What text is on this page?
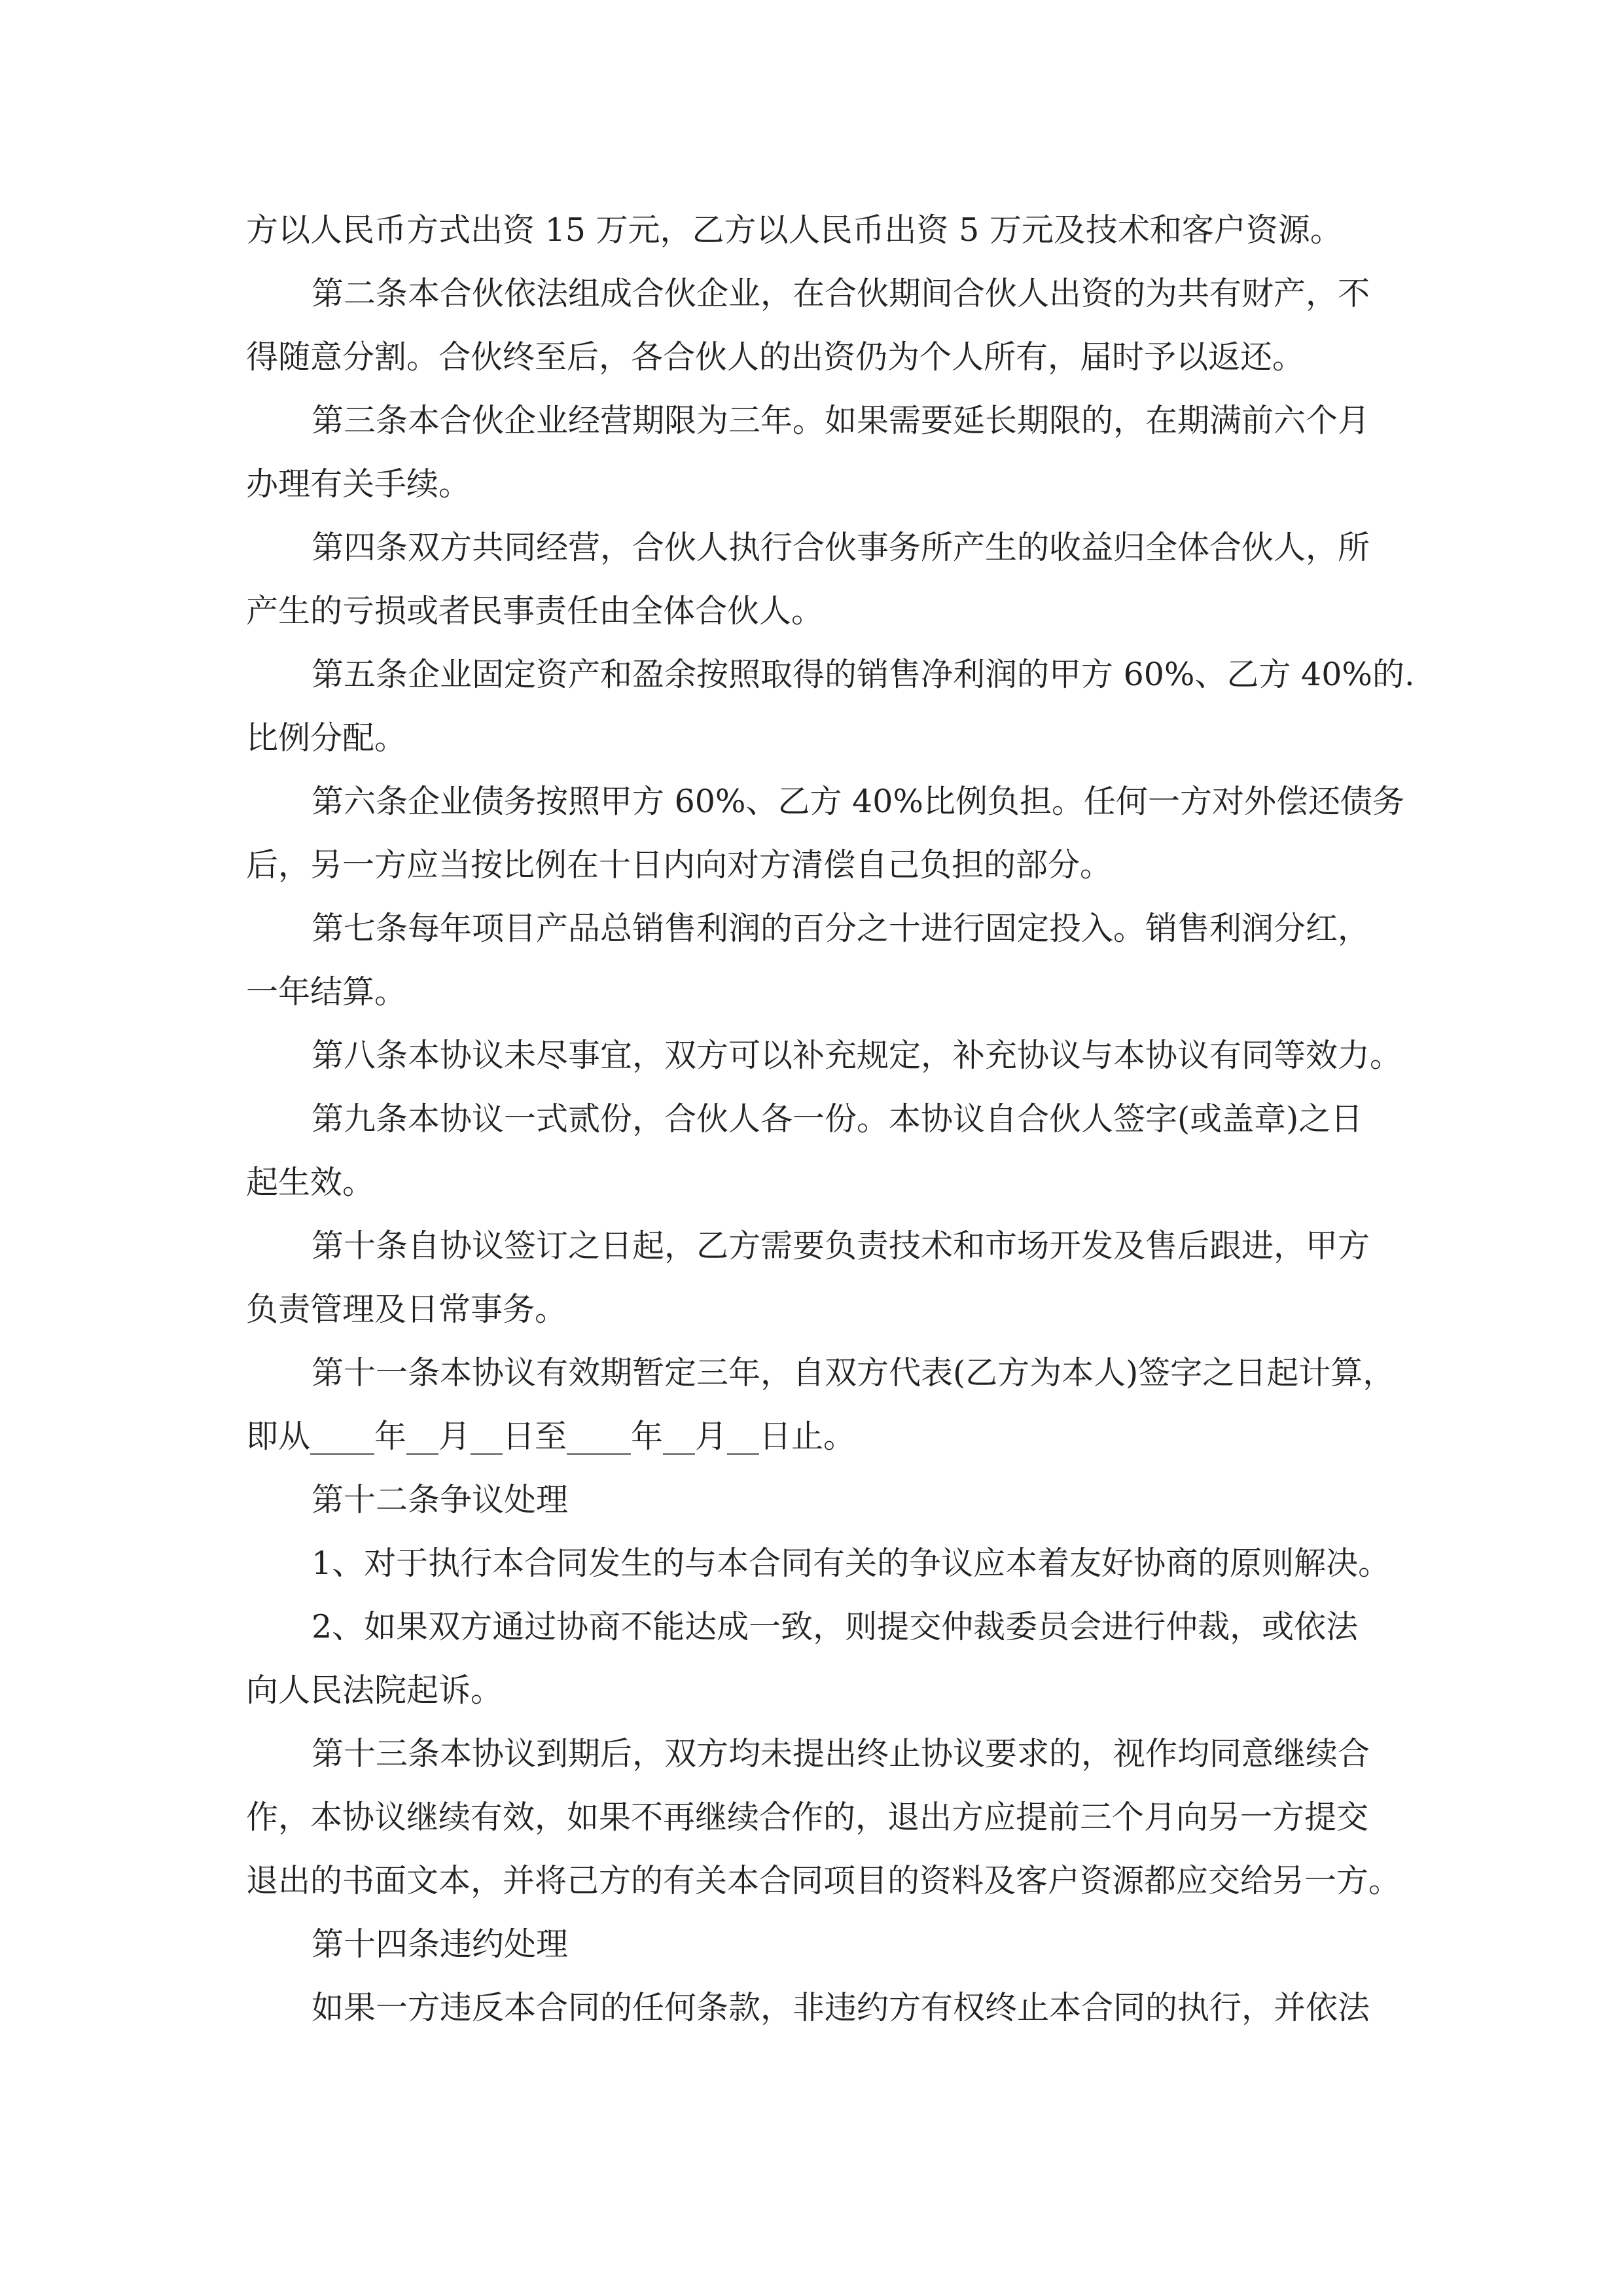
方以人民币方式出资 15 万元，乙方以人民币出资 5 万元及技术和客户资源。
第二条本合伙依法组成合伙企业，在合伙期间合伙人出资的为共有财产，不
得随意分割。合伙终至后，各合伙人的出资仍为个人所有，届时予以返还。
第三条本合伙企业经营期限为三年。如果需要延长期限的，在期满前六个月
办理有关手续。
第四条双方共同经营，合伙人执行合伙事务所产生的收益归全体合伙人，所
产生的亏损或者民事责任由全体合伙人。
第五条企业固定资产和盈余按照取得的销售净利润的甲方 60%、乙方 40%的.
比例分配。
第六条企业债务按照甲方 60%、乙方 40%比例负担。任何一方对外偿还债务
后，另一方应当按比例在十日内向对方清偿自己负担的部分。
第七条每年项目产品总销售利润的百分之十进行固定投入。销售利润分红，
一年结算。
第八条本协议未尽事宜，双方可以补充规定，补充协议与本协议有同等效力。
第九条本协议一式贰份，合伙人各一份。本协议自合伙人签字(或盖章)之日
起生效。
第十条自协议签订之日起，乙方需要负责技术和市场开发及售后跟进，甲方
负责管理及日常事务。
第十一条本协议有效期暂定三年，自双方代表(乙方为本人)签字之日起计算，
即从____年__月__日至____年__月__日止。
第十二条争议处理
1、对于执行本合同发生的与本合同有关的争议应本着友好协商的原则解决。
2、如果双方通过协商不能达成一致，则提交仲裁委员会进行仲裁，或依法
向人民法院起诉。
第十三条本协议到期后，双方均未提出终止协议要求的，视作均同意继续合
作，本协议继续有效，如果不再继续合作的，退出方应提前三个月向另一方提交
退出的书面文本，并将己方的有关本合同项目的资料及客户资源都应交给另一方。
第十四条违约处理
如果一方违反本合同的任何条款，非违约方有权终止本合同的执行，并依法
